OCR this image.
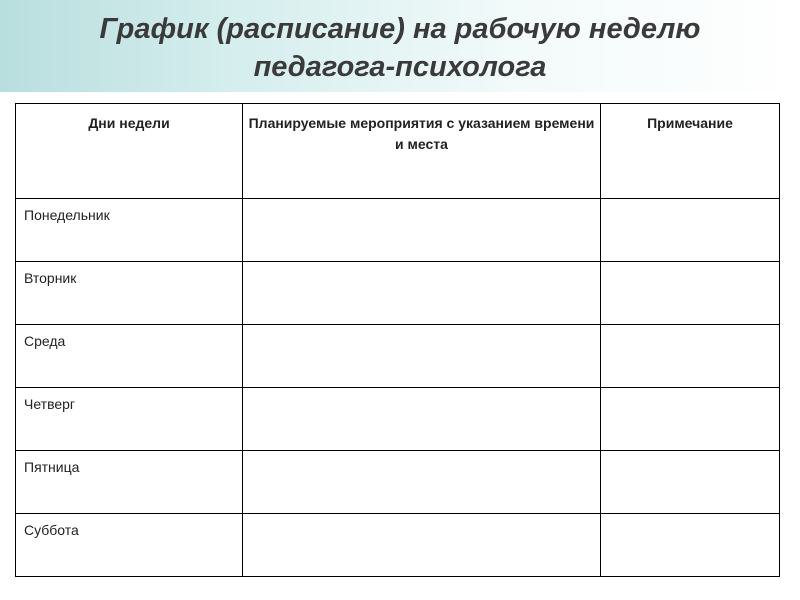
График (расписание) на рабочую неделю
педагога-психолога
Дни недели	Планируемые мероприятия с указанием времени и места	Примечание
Понедельник		
Вторник		
Среда		
Четверг		
Пятница		
Суббота		
